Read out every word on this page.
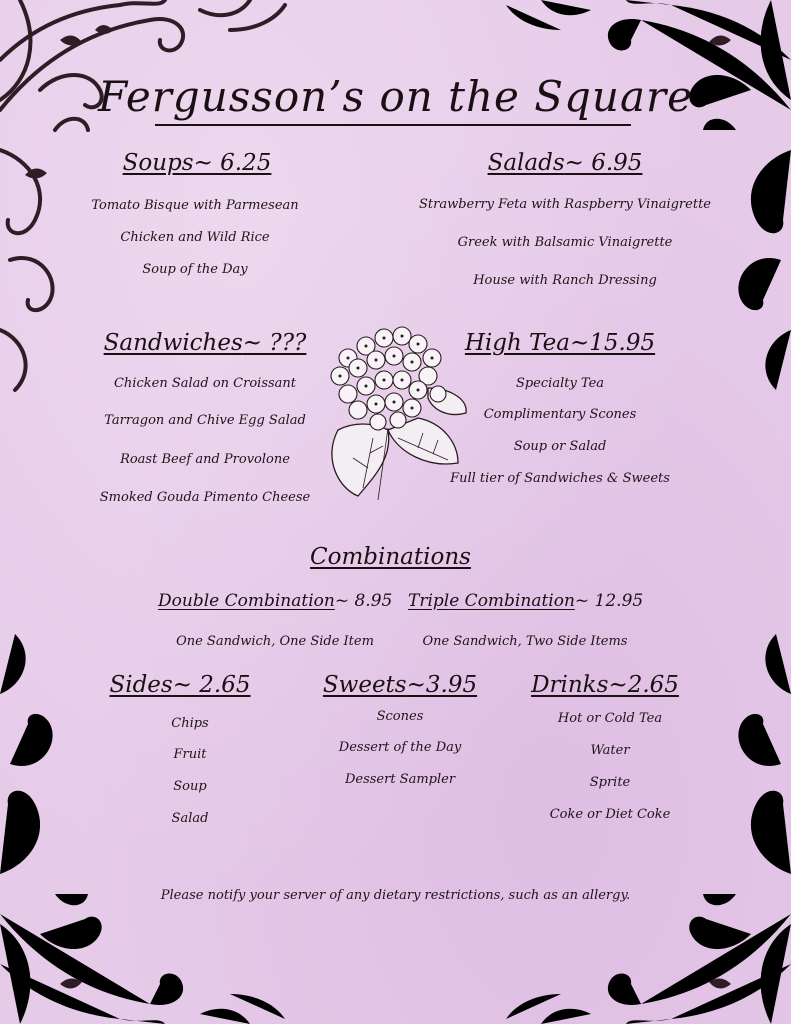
Fergusson’s on the Square
Soups~ 6.25
Tomato Bisque with Parmesean
Chicken and Wild Rice
Soup of the Day
Salads~ 6.95
Strawberry Feta with Raspberry Vinaigrette
Greek with Balsamic Vinaigrette
House with Ranch Dressing
Sandwiches~ ???
Chicken Salad on Croissant
Tarragon and Chive Egg Salad
Roast Beef and Provolone
Smoked Gouda Pimento Cheese
High Tea~15.95
Specialty Tea
Complimentary Scones
Soup or Salad
Full tier of Sandwiches & Sweets
Combinations
Double Combination~ 8.95 Triple Combination~ 12.95
One Sandwich, One Side Item	One Sandwich, Two Side Items
Sides~ 2.65
Chips
Fruit
Soup
Salad
Sweets~3.95
Scones
Dessert of the Day
Dessert Sampler
Drinks~2.65
Hot or Cold Tea
Water
Sprite
Coke or Diet Coke
Please notify your server of any dietary restrictions, such as an allergy.
